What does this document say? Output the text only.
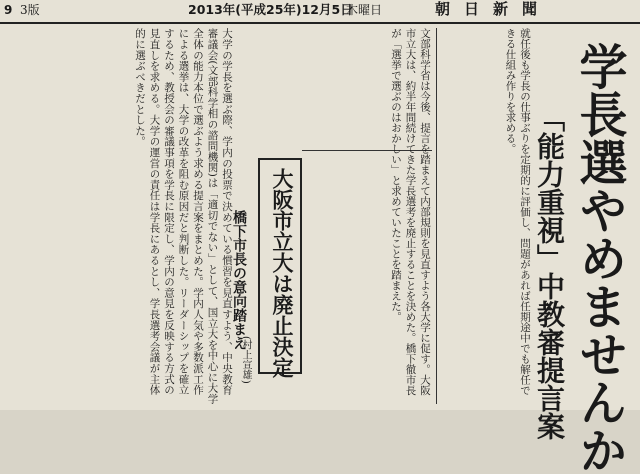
9 3版	2013年(平成25年)12月5日
木曜日	朝日新聞
学長選やめませんか
「能力重視」中教審提言案
就任後も学長の仕事ぶりを定期的に評価し、問題があれば任期途中でも解任できる仕組み作りを求める。
文部科学省は今後、提言を踏まえて内部規則を見直すよう各大学に促す。大阪市立大は、約半年間続けてきた学長選考を廃止することを決めた。橋下徹市長が「選挙で選ぶのはおかしい」と求めていたことを踏まえた。
大阪市立大は廃止決定
橋下市長の意向踏まえ
大学の学長を選ぶ際、学内の投票で決めている慣習を見直すよう、中央教育審議会(文部科学相の諮問機関)は「適切でない」として、国立大を中心に大学全体の能力本位で選ぶよう求める提言案をまとめた。学内人気や多数派工作による選挙は、大学の改革を阻む原因だと判断した。リーダーシップを確立するため、教授会の審議事項を学長に限定し、学内の意見を反映する方式の見直しを求める。大学の運営の責任は学長にあるとし、学長選考会議が主体的に選ぶべきだとした。
(村上宣雄)
